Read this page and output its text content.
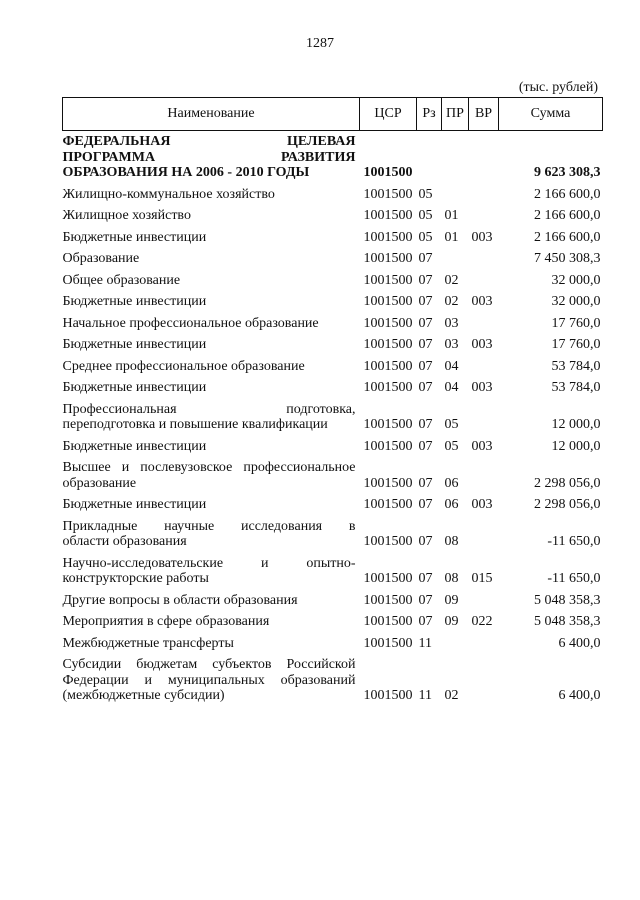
1287
(тыс. рублей)
Наименование	ЦСР	Рз	ПР	ВР	Сумма

ФЕДЕРАЛЬНАЯ ЦЕЛЕВАЯ
ПРОГРАММА РАЗВИТИЯ
ОБРАЗОВАНИЯ НА 2006 - 2010 ГОДЫ	1001500				9 623 308,3

Жилищно-коммунальное хозяйство	1001500	05			2 166 600,0

Жилищное хозяйство	1001500	05	01		2 166 600,0

Бюджетные инвестиции	1001500	05	01	003	2 166 600,0

Образование	1001500	07			7 450 308,3

Общее образование	1001500	07	02		32 000,0

Бюджетные инвестиции	1001500	07	02	003	32 000,0

Начальное профессиональное образование	1001500	07	03		17 760,0

Бюджетные инвестиции	1001500	07	03	003	17 760,0

Среднее профессиональное образование	1001500	07	04		53 784,0

Бюджетные инвестиции	1001500	07	04	003	53 784,0

Профессиональная подготовка,
переподготовка и повышение квалификации	1001500	07	05		12 000,0

Бюджетные инвестиции	1001500	07	05	003	12 000,0

Высшее и послевузовское профессиональное
образование	1001500	07	06		2 298 056,0

Бюджетные инвестиции	1001500	07	06	003	2 298 056,0

Прикладные научные исследования в
области образования	1001500	07	08		-11 650,0

Научно-исследовательские и опытно-
конструкторские работы	1001500	07	08	015	-11 650,0

Другие вопросы в области образования	1001500	07	09		5 048 358,3

Мероприятия в сфере образования	1001500	07	09	022	5 048 358,3

Межбюджетные трансферты	1001500	11			6 400,0

Субсидии бюджетам субъектов Российской
Федерации и муниципальных образований
(межбюджетные субсидии)	1001500	11	02		6 400,0
